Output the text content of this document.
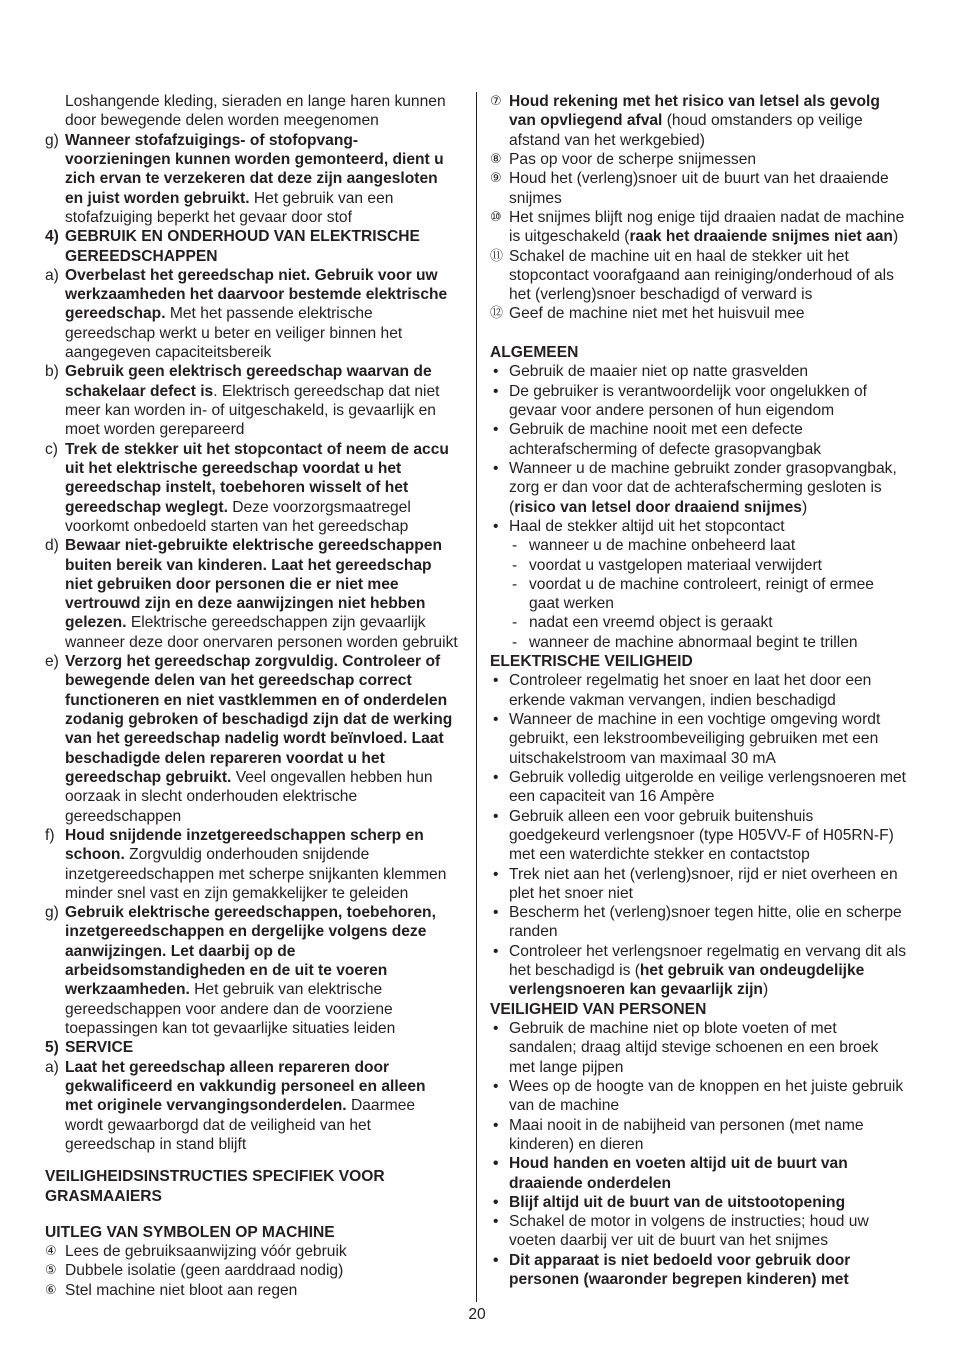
Loshangende kleding, sieraden en lange haren kunnen
door bewegende delen worden meegenomen
g) Wanneer stofafzuigings- of stofopvang-
voorzieningen kunnen worden gemonteerd, dient u
zich ervan te verzekeren dat deze zijn aangesloten
en juist worden gebruikt. Het gebruik van een
stofafzuiging beperkt het gevaar door stof
4) GEBRUIK EN ONDERHOUD VAN ELEKTRISCHE
GEREEDSCHAPPEN
a) Overbelast het gereedschap niet. Gebruik voor uw
werkzaamheden het daarvoor bestemde elektrische
gereedschap. Met het passende elektrische
gereedschap werkt u beter en veiliger binnen het
aangegeven capaciteitsbereik
b) Gebruik geen elektrisch gereedschap waarvan de
schakelaar defect is. Elektrisch gereedschap dat niet
meer kan worden in- of uitgeschakeld, is gevaarlijk en
moet worden gerepareerd
c) Trek de stekker uit het stopcontact of neem de accu
uit het elektrische gereedschap voordat u het
gereedschap instelt, toebehoren wisselt of het
gereedschap weglegt. Deze voorzorgsmaatregel
voorkomt onbedoeld starten van het gereedschap
d) Bewaar niet-gebruikte elektrische gereedschappen
buiten bereik van kinderen. Laat het gereedschap
niet gebruiken door personen die er niet mee
vertrouwd zijn en deze aanwijzingen niet hebben
gelezen. Elektrische gereedschappen zijn gevaarlijk
wanneer deze door onervaren personen worden gebruikt
e) Verzorg het gereedschap zorgvuldig. Controleer of
bewegende delen van het gereedschap correct
functioneren en niet vastklemmen en of onderdelen
zodanig gebroken of beschadigd zijn dat de werking
van het gereedschap nadelig wordt beïnvloed. Laat
beschadigde delen repareren voordat u het
gereedschap gebruikt. Veel ongevallen hebben hun
oorzaak in slecht onderhouden elektrische
gereedschappen
f) Houd snijdende inzetgereedschappen scherp en
schoon. Zorgvuldig onderhouden snijdende
inzetgereedschappen met scherpe snijkanten klemmen
minder snel vast en zijn gemakkelijker te geleiden
g) Gebruik elektrische gereedschappen, toebehoren,
inzetgereedschappen en dergelijke volgens deze
aanwijzingen. Let daarbij op de
arbeidsomstandigheden en de uit te voeren
werkzaamheden. Het gebruik van elektrische
gereedschappen voor andere dan de voorziene
toepassingen kan tot gevaarlijke situaties leiden
5) SERVICE
a) Laat het gereedschap alleen repareren door
gekwalificeerd en vakkundig personeel en alleen
met originele vervangingsonderdelen. Daarmee
wordt gewaarborgd dat de veiligheid van het
gereedschap in stand blijft
VEILIGHEIDSINSTRUCTIES SPECIFIEK VOOR
GRASMAAIERS
UITLEG VAN SYMBOLEN OP MACHINE
④ Lees de gebruiksaanwijzing vóór gebruik
⑤ Dubbele isolatie (geen aarddraad nodig)
⑥ Stel machine niet bloot aan regen
⑦ Houd rekening met het risico van letsel als gevolg
van opvliegend afval (houd omstanders op veilige
afstand van het werkgebied)
⑧ Pas op voor de scherpe snijmessen
⑨ Houd het (verleng)snoer uit de buurt van het draaiende
snijmes
⑩ Het snijmes blijft nog enige tijd draaien nadat de machine
is uitgeschakeld (raak het draaiende snijmes niet aan)
⑪ Schakel de machine uit en haal de stekker uit het
stopcontact voorafgaand aan reiniging/onderhoud of als
het (verleng)snoer beschadigd of verward is
⑫ Geef de machine niet met het huisvuil mee
ALGEMEEN
• Gebruik de maaier niet op natte grasvelden
• De gebruiker is verantwoordelijk voor ongelukken of
gevaar voor andere personen of hun eigendom
• Gebruik de machine nooit met een defecte
achterafscherming of defecte grasopvangbak
• Wanneer u de machine gebruikt zonder grasopvangbak,
zorg er dan voor dat de achterafscherming gesloten is
(risico van letsel door draaiend snijmes)
• Haal de stekker altijd uit het stopcontact
- wanneer u de machine onbeheerd laat
- voordat u vastgelopen materiaal verwijdert
- voordat u de machine controleert, reinigt of ermee
gaat werken
- nadat een vreemd object is geraakt
- wanneer de machine abnormaal begint te trillen
ELEKTRISCHE VEILIGHEID
• Controleer regelmatig het snoer en laat het door een
erkende vakman vervangen, indien beschadigd
• Wanneer de machine in een vochtige omgeving wordt
gebruikt, een lekstroombeveiliging gebruiken met een
uitschakelstroom van maximaal 30 mA
• Gebruik volledig uitgerolde en veilige verlengsnoeren met
een capaciteit van 16 Ampère
• Gebruik alleen een voor gebruik buitenshuis
goedgekeurd verlengsnoer (type H05VV-F of H05RN-F)
met een waterdichte stekker en contactstop
• Trek niet aan het (verleng)snoer, rijd er niet overheen en
plet het snoer niet
• Bescherm het (verleng)snoer tegen hitte, olie en scherpe
randen
• Controleer het verlengsnoer regelmatig en vervang dit als
het beschadigd is (het gebruik van ondeugdelijke
verlengsnoeren kan gevaarlijk zijn)
VEILIGHEID VAN PERSONEN
• Gebruik de machine niet op blote voeten of met
sandalen; draag altijd stevige schoenen en een broek
met lange pijpen
• Wees op de hoogte van de knoppen en het juiste gebruik
van de machine
• Maai nooit in de nabijheid van personen (met name
kinderen) en dieren
• Houd handen en voeten altijd uit de buurt van
draaiende onderdelen
• Blijf altijd uit de buurt van de uitstootopening
• Schakel de motor in volgens de instructies; houd uw
voeten daarbij ver uit de buurt van het snijmes
• Dit apparaat is niet bedoeld voor gebruik door
personen (waaronder begrepen kinderen) met
20
